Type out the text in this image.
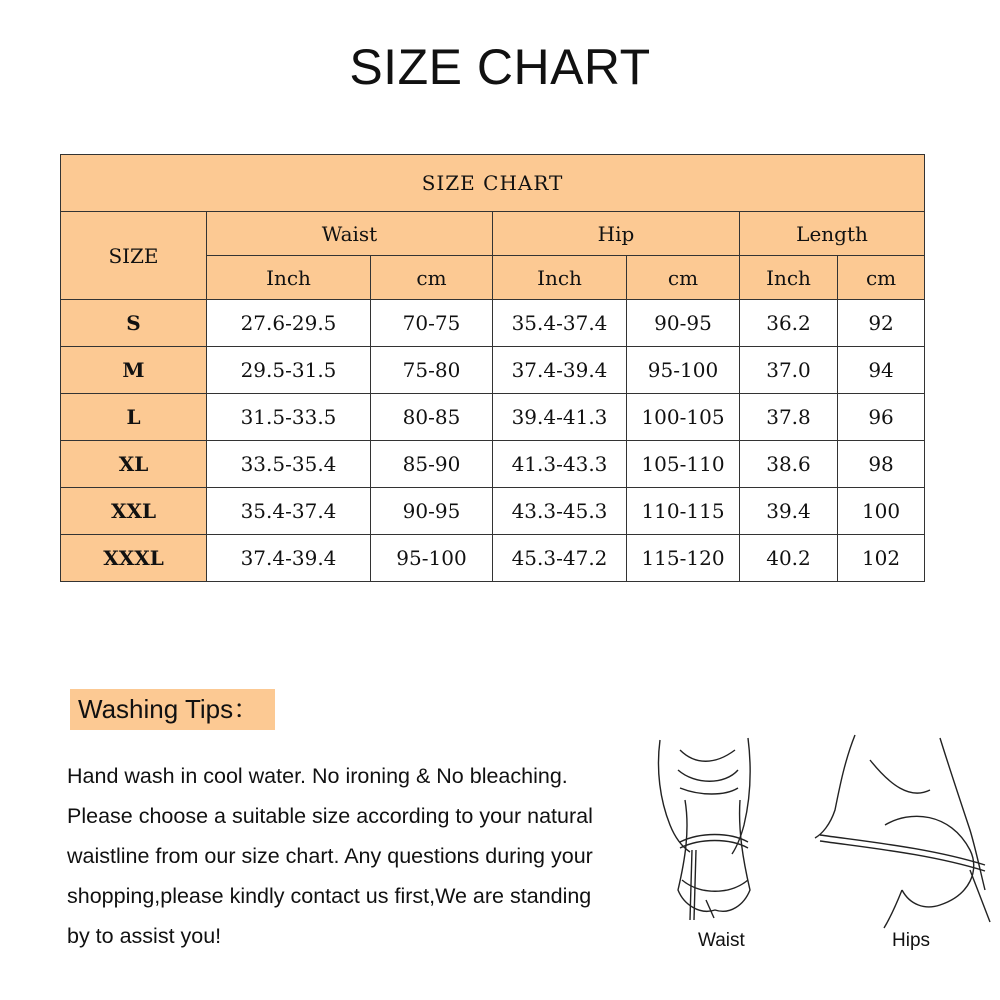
SIZE CHART
SIZE CHART						
SIZE	Waist		Hip		Length	
	Inch	cm	Inch	cm	Inch	cm
S	27.6-29.5	70-75	35.4-37.4	90-95	36.2	92
M	29.5-31.5	75-80	37.4-39.4	95-100	37.0	94
L	31.5-33.5	80-85	39.4-41.3	100-105	37.8	96
XL	33.5-35.4	85-90	41.3-43.3	105-110	38.6	98
XXL	35.4-37.4	90-95	43.3-45.3	110-115	39.4	100
XXXL	37.4-39.4	95-100	45.3-47.2	115-120	40.2	102
Washing Tips：
Hand wash in cool water. No ironing & No bleaching.
Please choose a suitable size according to your natural
waistline from our size chart. Any questions during your
shopping,please kindly contact us first,We are standing
by to assist you!	Waist	Hips
